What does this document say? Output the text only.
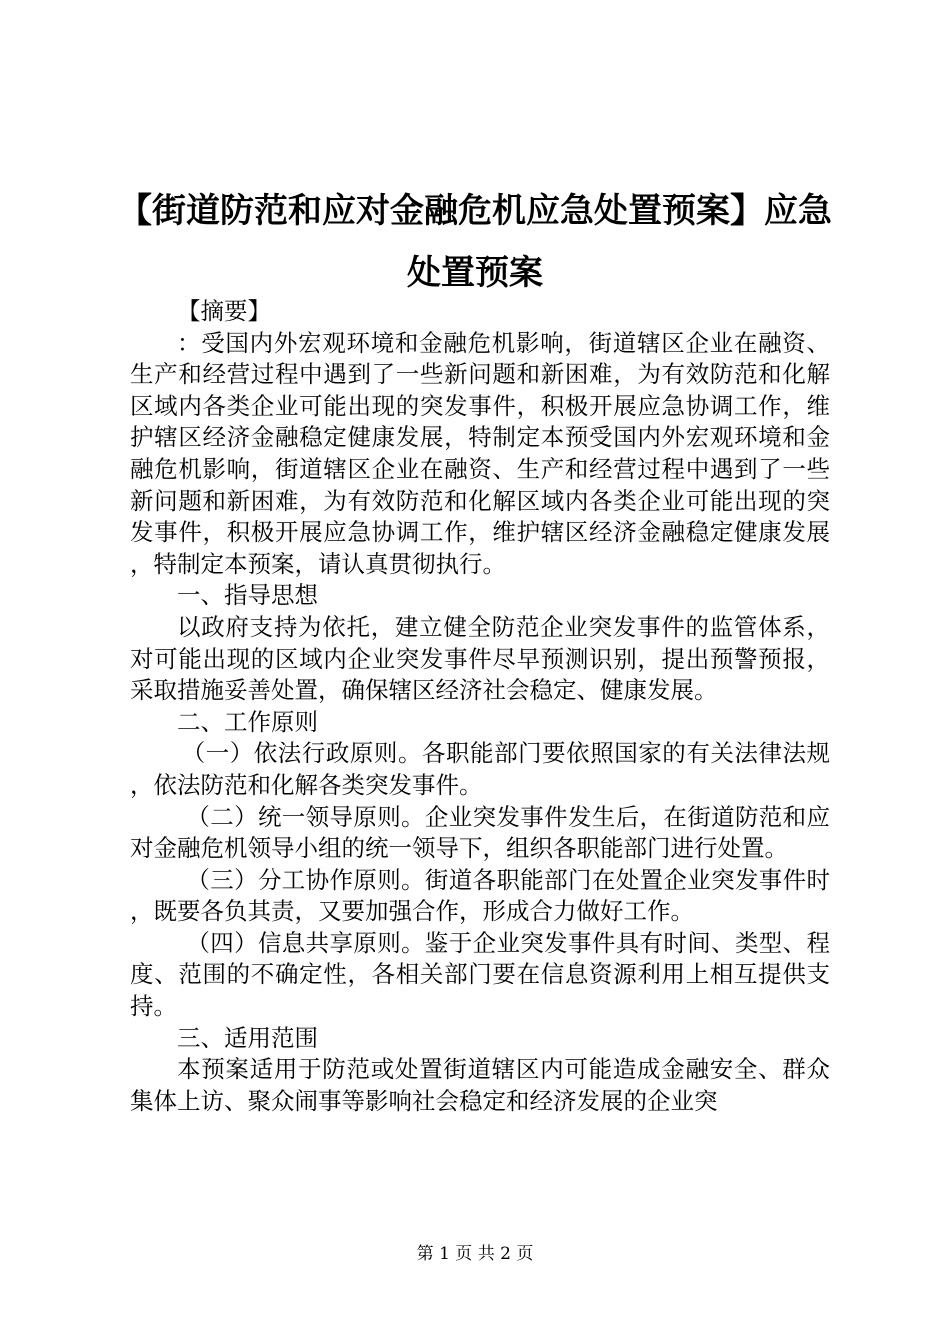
【街道防范和应对金融危机应急处置预案】应急处置预案

【摘要】

：受国内外宏观环境和金融危机影响，街道辖区企业在融资、生产和经营过程中遇到了一些新问题和新困难，为有效防范和化解区域内各类企业可能出现的突发事件，积极开展应急协调工作，维护辖区经济金融稳定健康发展，特制定本预受国内外宏观环境和金融危机影响，街道辖区企业在融资、生产和经营过程中遇到了一些新问题和新困难，为有效防范和化解区域内各类企业可能出现的突发事件，积极开展应急协调工作，维护辖区经济金融稳定健康发展，特制定本预案，请认真贯彻执行。

一、指导思想

以政府支持为依托，建立健全防范企业突发事件的监管体系，对可能出现的区域内企业突发事件尽早预测识别，提出预警预报，采取措施妥善处置，确保辖区经济社会稳定、健康发展。

二、工作原则

（一）依法行政原则。各职能部门要依照国家的有关法律法规，依法防范和化解各类突发事件。

（二）统一领导原则。企业突发事件发生后，在街道防范和应对金融危机领导小组的统一领导下，组织各职能部门进行处置。

（三）分工协作原则。街道各职能部门在处置企业突发事件时，既要各负其责，又要加强合作，形成合力做好工作。

（四）信息共享原则。鉴于企业突发事件具有时间、类型、程度、范围的不确定性，各相关部门要在信息资源利用上相互提供支持。

三、适用范围

本预案适用于防范或处置街道辖区内可能造成金融安全、群众集体上访、聚众闹事等影响社会稳定和经济发展的企业突

第 1 页 共 2 页
